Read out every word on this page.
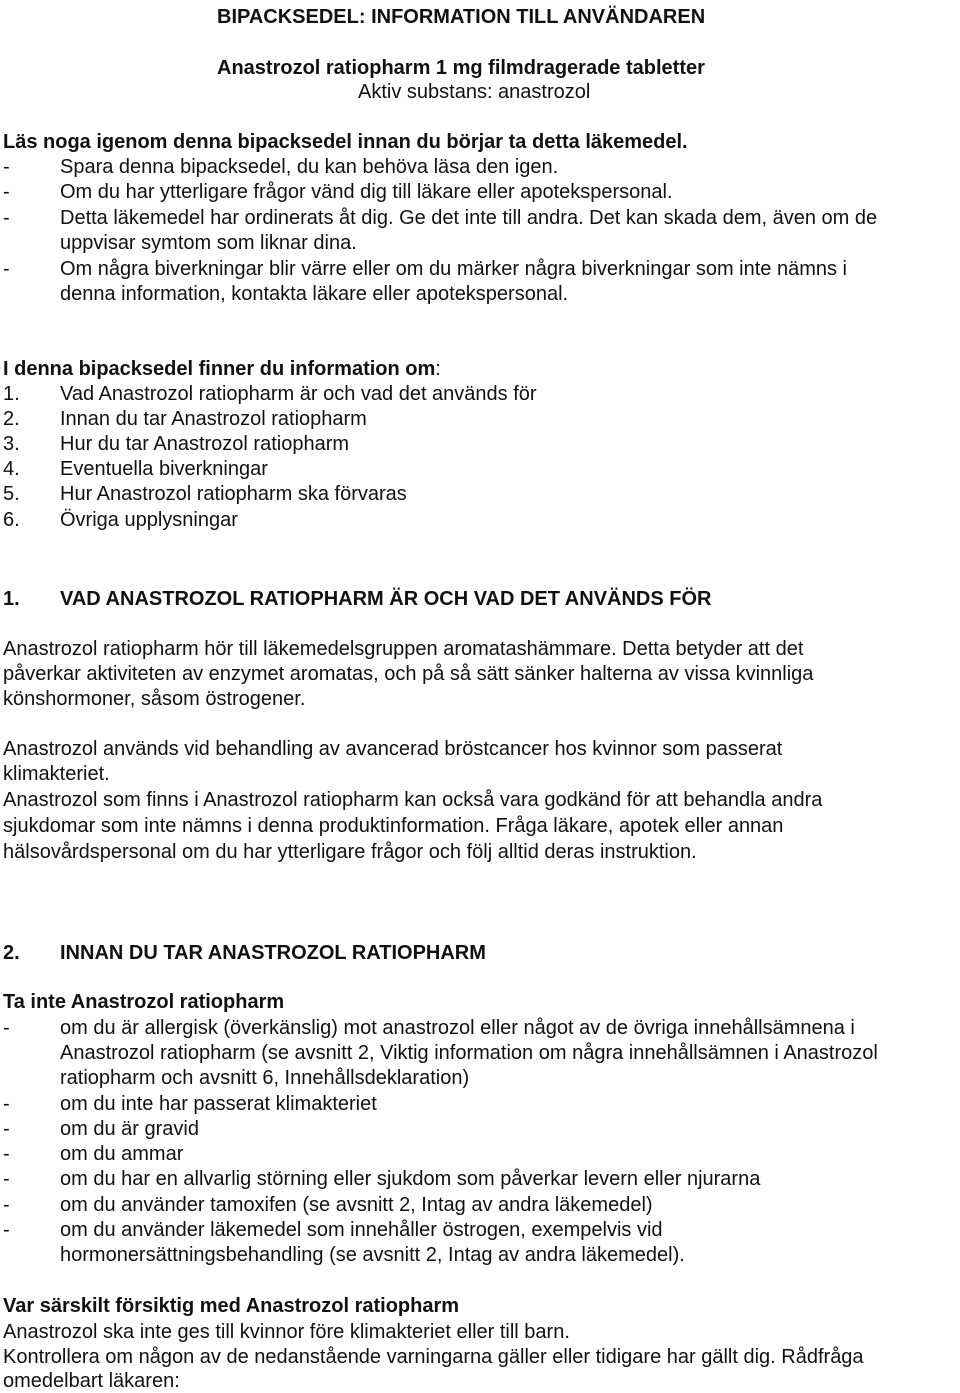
BIPACKSEDEL: INFORMATION TILL ANVÄNDAREN
Anastrozol ratiopharm 1 mg filmdragerade tabletter
Aktiv substans: anastrozol
Läs noga igenom denna bipacksedel innan du börjar ta detta läkemedel.
-	Spara denna bipacksedel, du kan behöva läsa den igen.
-	Om du har ytterligare frågor vänd dig till läkare eller apotekspersonal.
-	Detta läkemedel har ordinerats åt dig. Ge det inte till andra. Det kan skada dem, även om de
uppvisar symtom som liknar dina.
-	Om några biverkningar blir värre eller om du märker några biverkningar som inte nämns i
denna information, kontakta läkare eller apotekspersonal.
I denna bipacksedel finner du information om:
1. Vad Anastrozol ratiopharm är och vad det används för
2. Innan du tar Anastrozol ratiopharm
3. Hur du tar Anastrozol ratiopharm
4. Eventuella biverkningar
5. Hur Anastrozol ratiopharm ska förvaras
6. Övriga upplysningar
1. VAD ANASTROZOL RATIOPHARM ÄR OCH VAD DET ANVÄNDS FÖR
Anastrozol ratiopharm hör till läkemedelsgruppen aromatashämmare. Detta betyder att det
påverkar aktiviteten av enzymet aromatas, och på så sätt sänker halterna av vissa kvinnliga
könshormoner, såsom östrogener.
Anastrozol används vid behandling av avancerad bröstcancer hos kvinnor som passerat
klimakteriet.
Anastrozol som finns i Anastrozol ratiopharm kan också vara godkänd för att behandla andra
sjukdomar som inte nämns i denna produktinformation. Fråga läkare, apotek eller annan
hälsovårdspersonal om du har ytterligare frågor och följ alltid deras instruktion.
2. INNAN DU TAR ANASTROZOL RATIOPHARM
Ta inte Anastrozol ratiopharm
-	om du är allergisk (överkänslig) mot anastrozol eller något av de övriga innehållsämnena i
Anastrozol ratiopharm (se avsnitt 2, Viktig information om några innehållsämnen i Anastrozol
ratiopharm och avsnitt 6, Innehållsdeklaration)
-	om du inte har passerat klimakteriet
-	om du är gravid
-	om du ammar
-	om du har en allvarlig störning eller sjukdom som påverkar levern eller njurarna
-	om du använder tamoxifen (se avsnitt 2, Intag av andra läkemedel)
-	om du använder läkemedel som innehåller östrogen, exempelvis vid
hormonersättningsbehandling (se avsnitt 2, Intag av andra läkemedel).
Var särskilt försiktig med Anastrozol ratiopharm
Anastrozol ska inte ges till kvinnor före klimakteriet eller till barn.
Kontrollera om någon av de nedanstående varningarna gäller eller tidigare har gällt dig. Rådfråga
omedelbart läkaren:
